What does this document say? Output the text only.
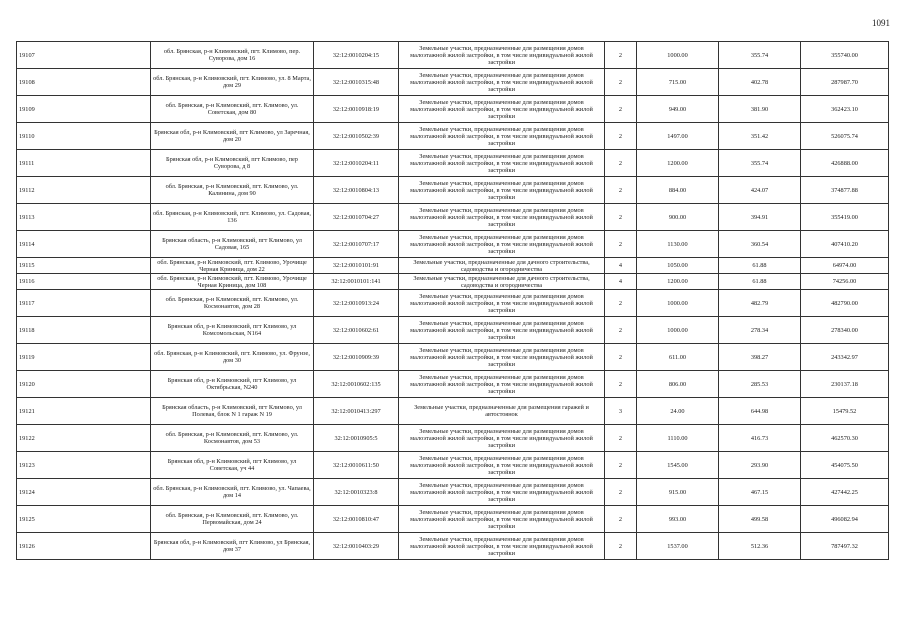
1091
19107	обл. Брянская, р-н Климовский, пгт. Климово, пер. Суворова, дом 16	32:12:0010204:15	Земельные участки, предназначенные для размещения домов малоэтажной жилой застройки, в том числе индивидуальной жилой застройки	2	1000.00	355.74	355740.00
19108	обл. Брянская, р-н Климовский, пгт. Климово, ул. 8 Марта, дом 29	32:12:0010315:48	Земельные участки, предназначенные для размещения домов малоэтажной жилой застройки, в том числе индивидуальной жилой застройки	2	715.00	402.78	287987.70
19109	обл. Брянская, р-н Климовский, пгт. Климово, ул. Советская, дом 80	32:12:0010918:19	Земельные участки, предназначенные для размещения домов малоэтажной жилой застройки, в том числе индивидуальной жилой застройки	2	949.00	381.90	362423.10
19110	Брянская обл, р-н Климовский, пгт Климово, ул Заречная, дом 20	32:12:0010502:39	Земельные участки, предназначенные для размещения домов малоэтажной жилой застройки, в том числе индивидуальной жилой застройки	2	1497.00	351.42	526075.74
19111	Брянская обл, р-н Климовский, пгт Климово, пер Суворова, д 8	32:12:0010204:11	Земельные участки, предназначенные для размещения домов малоэтажной жилой застройки, в том числе индивидуальной жилой застройки	2	1200.00	355.74	426888.00
19112	обл. Брянская, р-н Климовский, пгт. Климово, ул. Калинина, дом 90	32:12:0010804:13	Земельные участки, предназначенные для размещения домов малоэтажной жилой застройки, в том числе индивидуальной жилой застройки	2	884.00	424.07	374877.88
19113	обл. Брянская, р-н Климовский, пгт. Климово, ул. Садовая, 136	32:12:0010704:27	Земельные участки, предназначенные для размещения домов малоэтажной жилой застройки, в том числе индивидуальной жилой застройки	2	900.00	394.91	355419.00
19114	Брянская область, р-н Климовский, пгт Климово, ул Садовая, 165	32:12:0010707:17	Земельные участки, предназначенные для размещения домов малоэтажной жилой застройки, в том числе индивидуальной жилой застройки	2	1130.00	360.54	407410.20
19115	обл. Брянская, р-н Климовский, пгт. Климово, Урочище Черная Криница, дом 22	32:12:0010101:91	Земельные участки, предназначенные для дачного строительства, садоводства и огородничества	4	1050.00	61.88	64974.00
19116	обл. Брянская, р-н Климовский, пгт. Климово, Урочище Черная Криница, дом 108	32:12:0010101:141	Земельные участки, предназначенные для дачного строительства, садоводства и огородничества	4	1200.00	61.88	74256.00
19117	обл. Брянская, р-н Климовский, пгт. Климово, ул. Космонавтов, дом 28	32:12:0010913:24	Земельные участки, предназначенные для размещения домов малоэтажной жилой застройки, в том числе индивидуальной жилой застройки	2	1000.00	482.79	482790.00
19118	Брянская обл, р-н Климовский, пгт Климово, ул Комсомольская, N164	32:12:0010602:61	Земельные участки, предназначенные для размещения домов малоэтажной жилой застройки, в том числе индивидуальной жилой застройки	2	1000.00	278.34	278340.00
19119	обл. Брянская, р-н Климовский, пгт. Климово, ул. Фрунзе, дом 30	32:12:0010909:39	Земельные участки, предназначенные для размещения домов малоэтажной жилой застройки, в том числе индивидуальной жилой застройки	2	611.00	398.27	243342.97
19120	Брянская обл, р-н Климовский, пгт Климово, ул Октябрьская, N240	32:12:0010602:135	Земельные участки, предназначенные для размещения домов малоэтажной жилой застройки, в том числе индивидуальной жилой застройки	2	806.00	285.53	230137.18
19121	Брянская область, р-н Климовский, пгт Климово, ул Полевая, блок N 1 гараж N 19	32:12:0010413:297	Земельные участки, предназначенные для размещения гаражей и автостоянок	3	24.00	644.98	15479.52
19122	обл. Брянская, р-н Климовский, пгт. Климово, ул. Космонавтов, дом 53	32:12:0010905:5	Земельные участки, предназначенные для размещения домов малоэтажной жилой застройки, в том числе индивидуальной жилой застройки	2	1110.00	416.73	462570.30
19123	Брянская обл, р-н Климовский, пгт Климово, ул Советская, уч 44	32:12:0010611:50	Земельные участки, предназначенные для размещения домов малоэтажной жилой застройки, в том числе индивидуальной жилой застройки	2	1545.00	293.90	454075.50
19124	обл. Брянская, р-н Климовский, пгт. Климово, ул. Чапаева, дом 14	32:12:0010323:8	Земельные участки, предназначенные для размещения домов малоэтажной жилой застройки, в том числе индивидуальной жилой застройки	2	915.00	467.15	427442.25
19125	обл. Брянская, р-н Климовский, пгт. Климово, ул. Первомайская, дом 24	32:12:0010810:47	Земельные участки, предназначенные для размещения домов малоэтажной жилой застройки, в том числе индивидуальной жилой застройки	2	993.00	499.58	496082.94
19126	Брянская обл, р-н Климовский, пгт Климово, ул Брянская, дом 37	32:12:0010403:29	Земельные участки, предназначенные для размещения домов малоэтажной жилой застройки, в том числе индивидуальной жилой застройки	2	1537.00	512.36	787497.32
